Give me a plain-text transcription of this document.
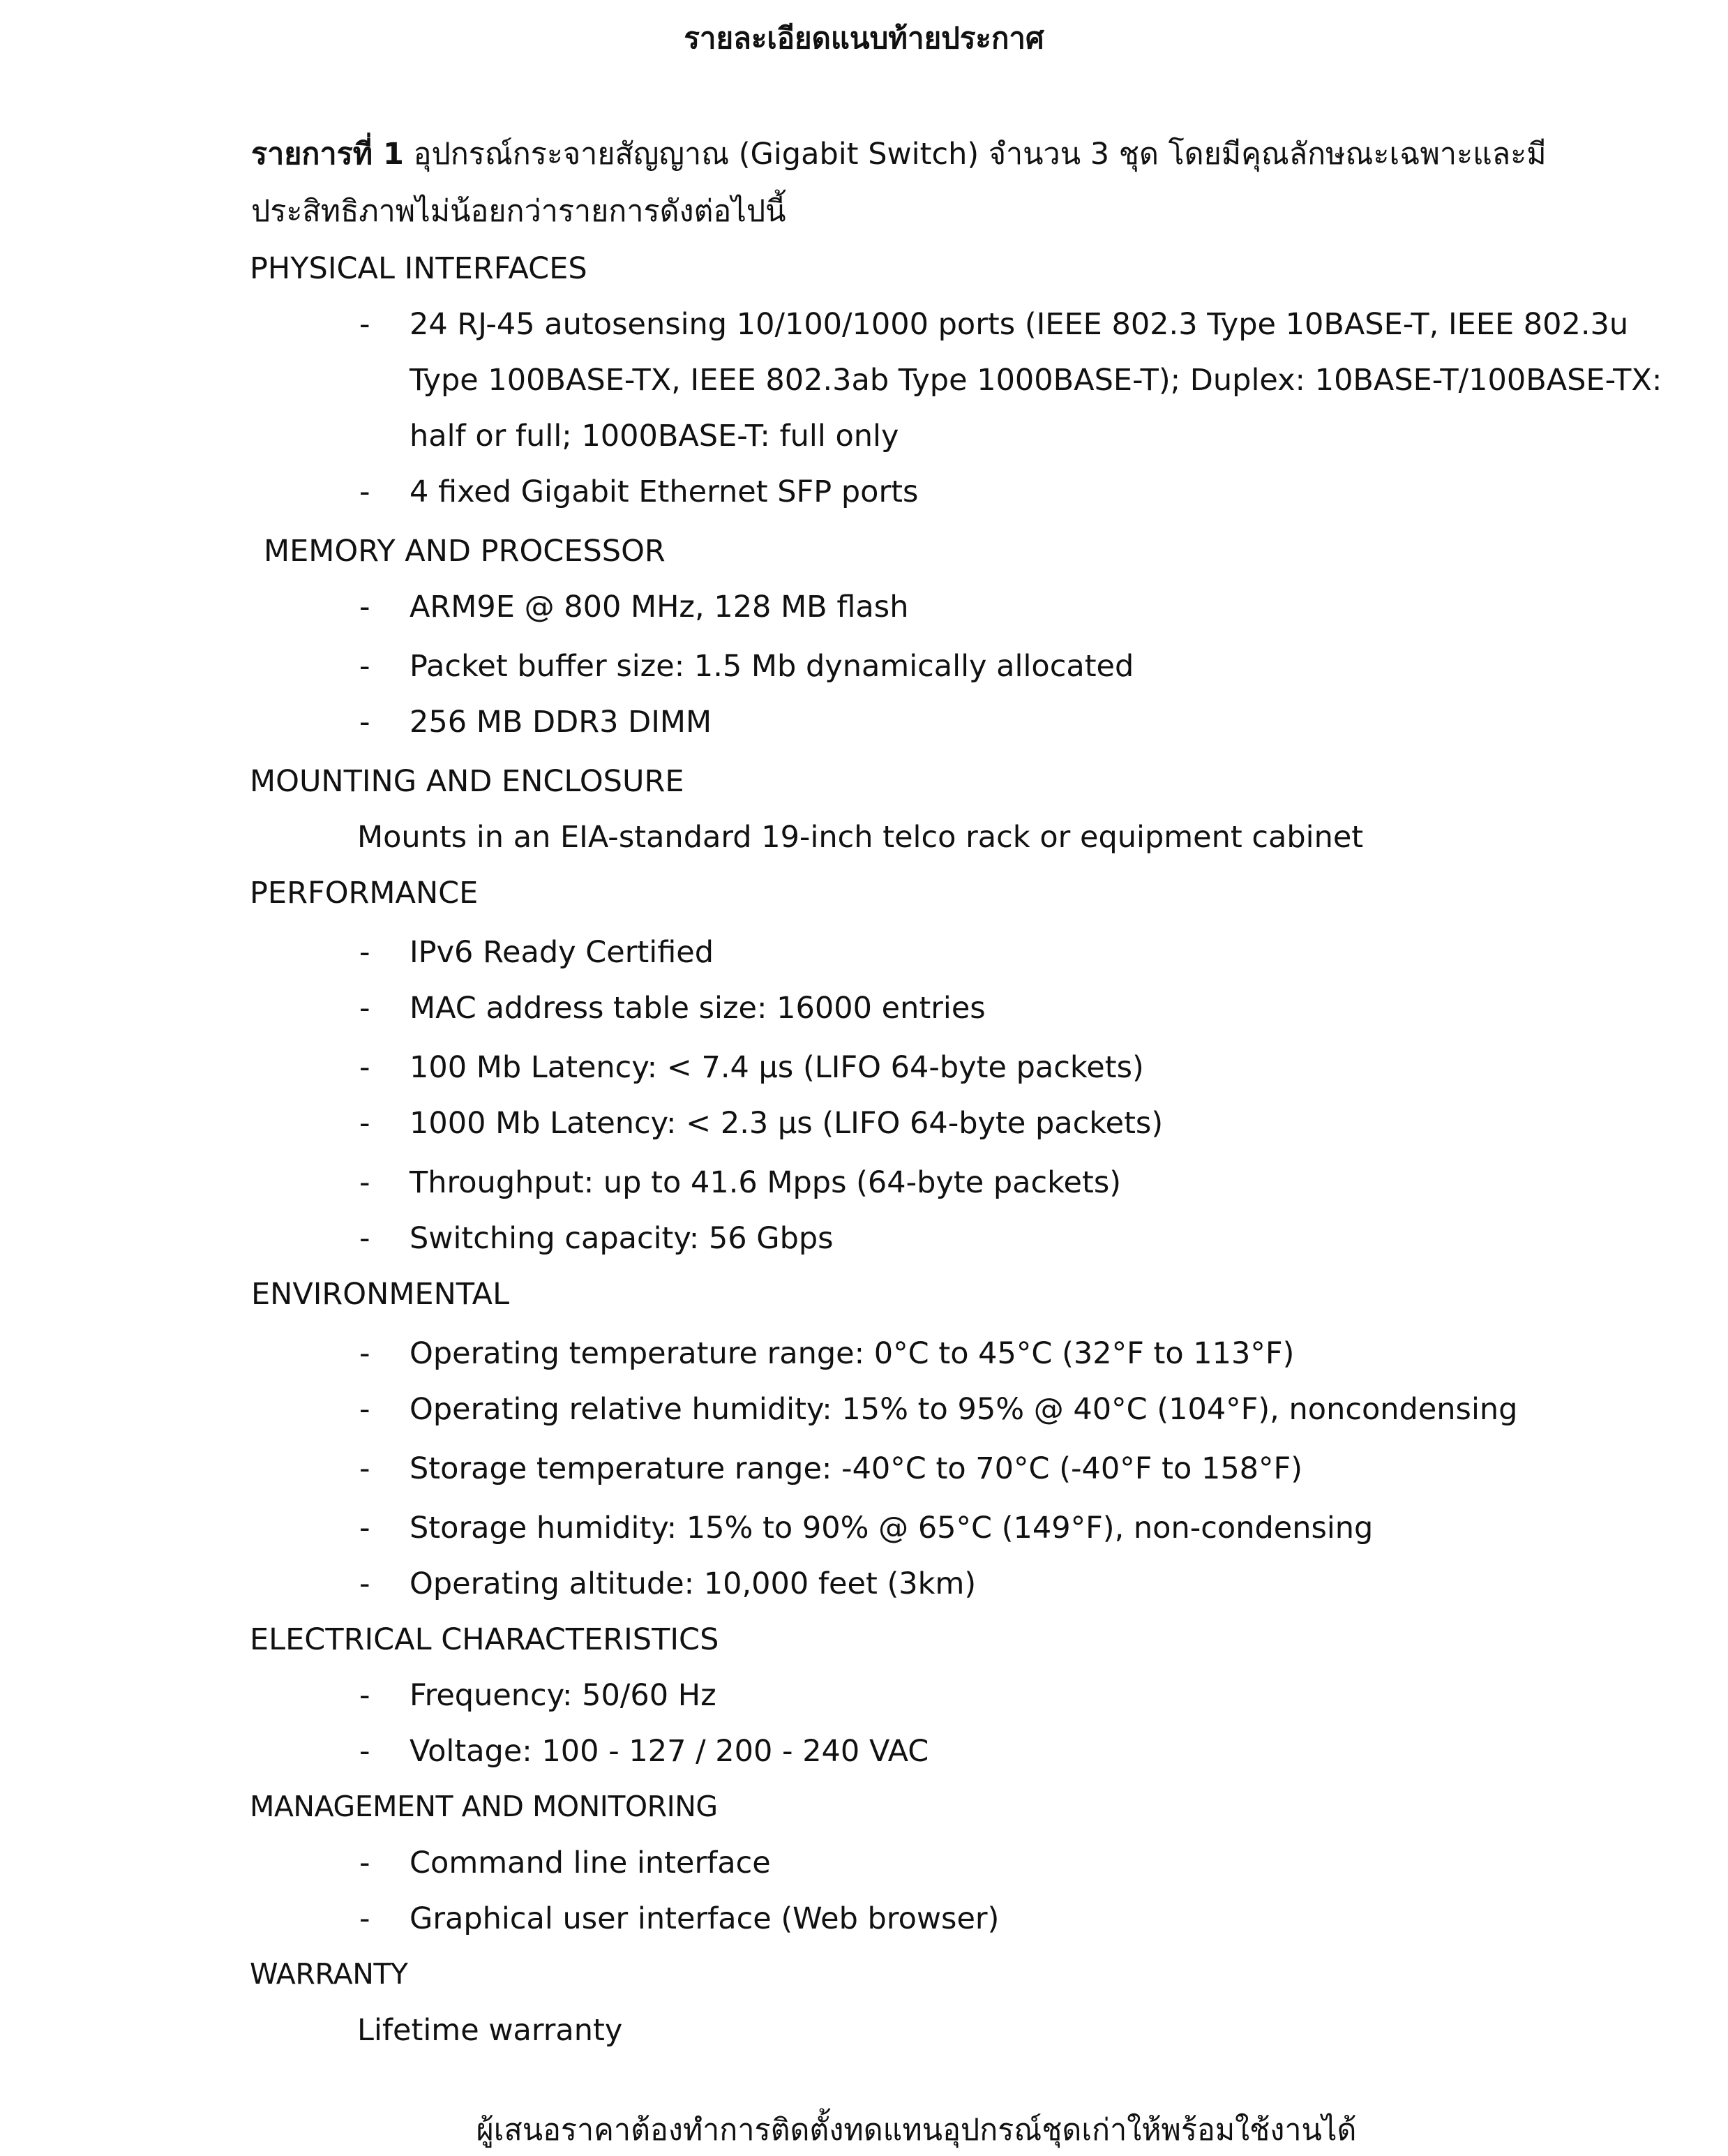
รายละเอียดแนบท้ายประกาศ
รายการที่ 1 อุปกรณ์กระจายสัญญาณ (Gigabit Switch) จำนวน 3 ชุด โดยมีคุณลักษณะเฉพาะและมีประสิทธิภาพไม่น้อยกว่ารายการดังต่อไปนี้
PHYSICAL INTERFACES
- 24 RJ-45 autosensing 10/100/1000 ports (IEEE 802.3 Type 10BASE-T, IEEE 802.3u
Type 100BASE-TX, IEEE 802.3ab Type 1000BASE-T); Duplex: 10BASE-T/100BASE-TX:
half or full; 1000BASE-T: full only
- 4 fixed Gigabit Ethernet SFP ports
MEMORY AND PROCESSOR
- ARM9E @ 800 MHz, 128 MB flash
- Packet buffer size: 1.5 Mb dynamically allocated
- 256 MB DDR3 DIMM
MOUNTING AND ENCLOSURE
Mounts in an EIA-standard 19-inch telco rack or equipment cabinet
PERFORMANCE
- IPv6 Ready Certified
- MAC address table size: 16000 entries
- 100 Mb Latency: < 7.4 μs (LIFO 64-byte packets)
- 1000 Mb Latency: < 2.3 μs (LIFO 64-byte packets)
- Throughput: up to 41.6 Mpps (64-byte packets)
- Switching capacity: 56 Gbps
ENVIRONMENTAL
- Operating temperature range: 0°C to 45°C (32°F to 113°F)
- Operating relative humidity: 15% to 95% @ 40°C (104°F), noncondensing
- Storage temperature range: -40°C to 70°C (-40°F to 158°F)
- Storage humidity: 15% to 90% @ 65°C (149°F), non-condensing
- Operating altitude: 10,000 feet (3km)
ELECTRICAL CHARACTERISTICS
- Frequency: 50/60 Hz
- Voltage: 100 - 127 / 200 - 240 VAC
MANAGEMENT AND MONITORING
- Command line interface
- Graphical user interface (Web browser)
WARRANTY
Lifetime warranty
ผู้เสนอราคาต้องทำการติดตั้งทดแทนอุปกรณ์ชุดเก่าให้พร้อมใช้งานได้
